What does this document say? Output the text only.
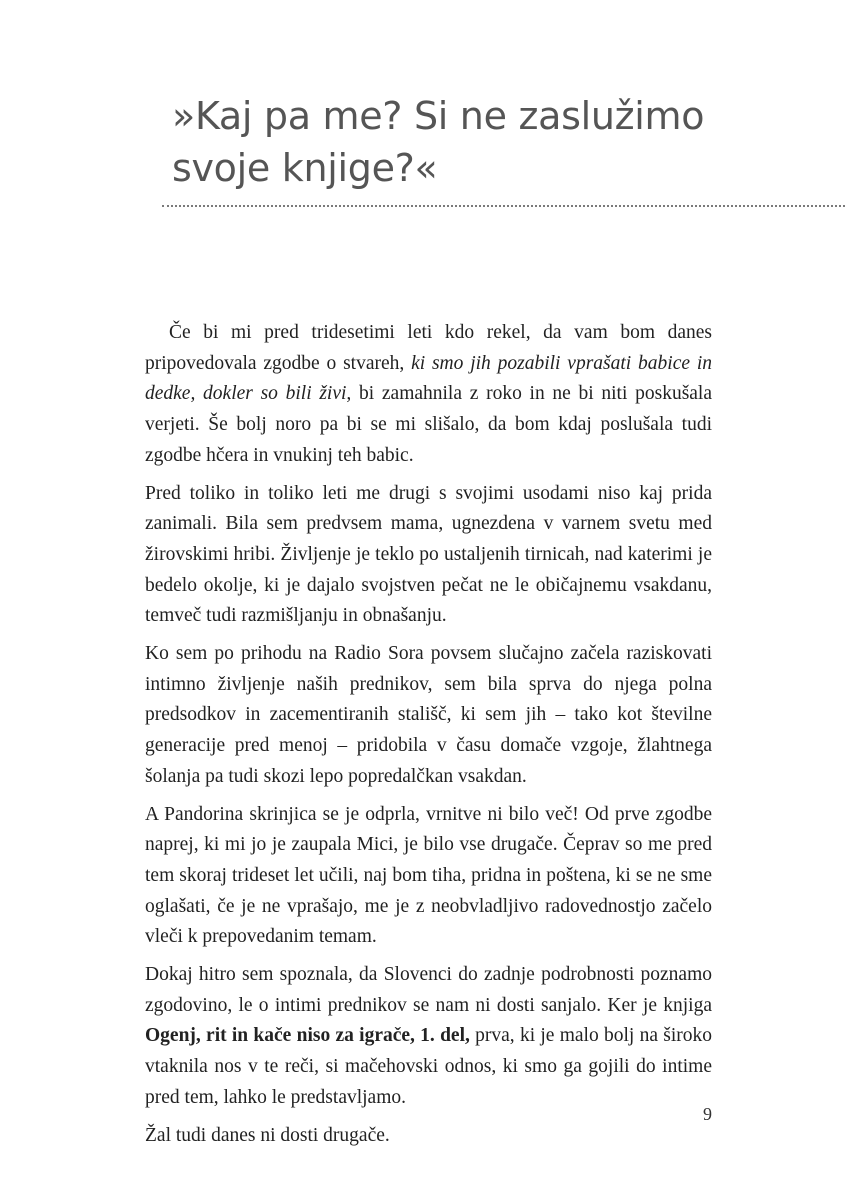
»Kaj pa me? Si ne zaslužimo
svoje knjige?«

Če bi mi pred tridesetimi leti kdo rekel, da vam bom danes pripovedovala zgodbe o stvareh, ki smo jih pozabili vprašati babice in dedke, dokler so bili živi, bi zamahnila z roko in ne bi niti poskušala verjeti. Še bolj noro pa bi se mi slišalo, da bom kdaj poslušala tudi zgodbe hčera in vnukinj teh babic.

Pred toliko in toliko leti me drugi s svojimi usodami niso kaj prida zanimali. Bila sem predvsem mama, ugnezdena v varnem svetu med žirovskimi hribi. Življenje je teklo po ustaljenih tirnicah, nad katerimi je bedelo okolje, ki je dajalo svojstven pečat ne le običajnemu vsakdanu, temveč tudi razmišljanju in obnašanju.

Ko sem po prihodu na Radio Sora povsem slučajno začela raziskovati intimno življenje naših prednikov, sem bila sprva do njega polna predsodkov in zacementiranih stališč, ki sem jih – tako kot številne generacije pred menoj – pridobila v času domače vzgoje, žlahtnega šolanja pa tudi skozi lepo popredalčkan vsakdan.

A Pandorina skrinjica se je odprla, vrnitve ni bilo več! Od prve zgodbe naprej, ki mi jo je zaupala Mici, je bilo vse drugače. Čeprav so me pred tem skoraj trideset let učili, naj bom tiha, pridna in poštena, ki se ne sme oglašati, če je ne vprašajo, me je z neobvladljivo radovednostjo začelo vleči k prepovedanim temam.

Dokaj hitro sem spoznala, da Slovenci do zadnje podrobnosti poznamo zgodovino, le o intimi prednikov se nam ni dosti sanjalo. Ker je knjiga Ogenj, rit in kače niso za igrače, 1. del, prva, ki je malo bolj na široko vtaknila nos v te reči, si mačehovski odnos, ki smo ga gojili do intime pred tem, lahko le predstavljamo.

Žal tudi danes ni dosti drugače.

9
